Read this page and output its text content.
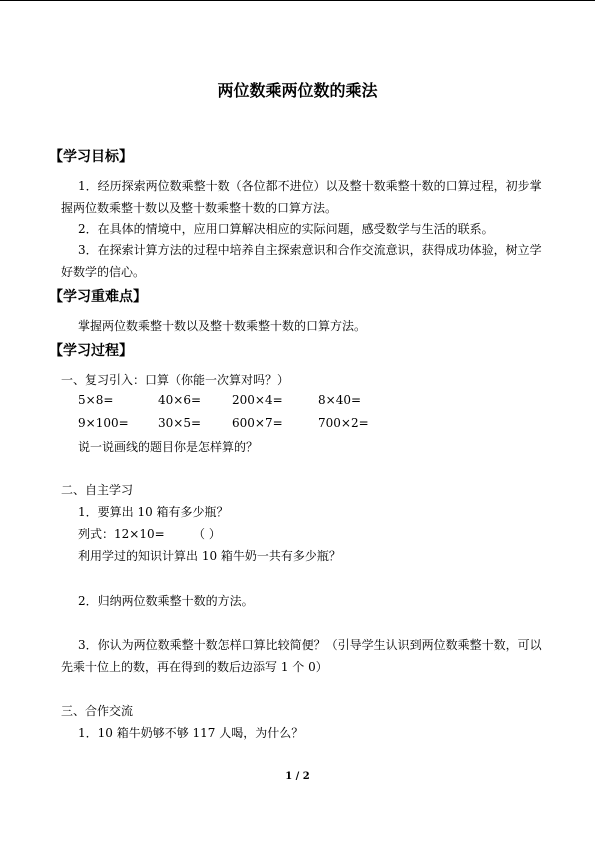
两位数乘两位数的乘法
【学习目标】
1．经历探索两位数乘整十数（各位都不进位）以及整十数乘整十数的口算过程，初步掌
握两位数乘整十数以及整十数乘整十数的口算方法。
2．在具体的情境中，应用口算解决相应的实际问题，感受数学与生活的联系。
3．在探索计算方法的过程中培养自主探索意识和合作交流意识，获得成功体验，树立学
好数学的信心。
【学习重难点】
掌握两位数乘整十数以及整十数乘整十数的口算方法。
【学习过程】
一、复习引入：口算（你能一次算对吗？）
5×8=	40×6=	200×4=	8×40=
9×100= 30×5=	600×7=	700×2=
说一说画线的题目你是怎样算的？
二、自主学习
1．要算出 10 箱有多少瓶？
列式：12×10= （ ）
利用学过的知识计算出 10 箱牛奶一共有多少瓶？
2．归纳两位数乘整十数的方法。
3．你认为两位数乘整十数怎样口算比较简便？（引导学生认识到两位数乘整十数，可以
先乘十位上的数，再在得到的数后边添写 1 个 0）
三、合作交流
1．10 箱牛奶够不够 117 人喝，为什么？
1 / 2
